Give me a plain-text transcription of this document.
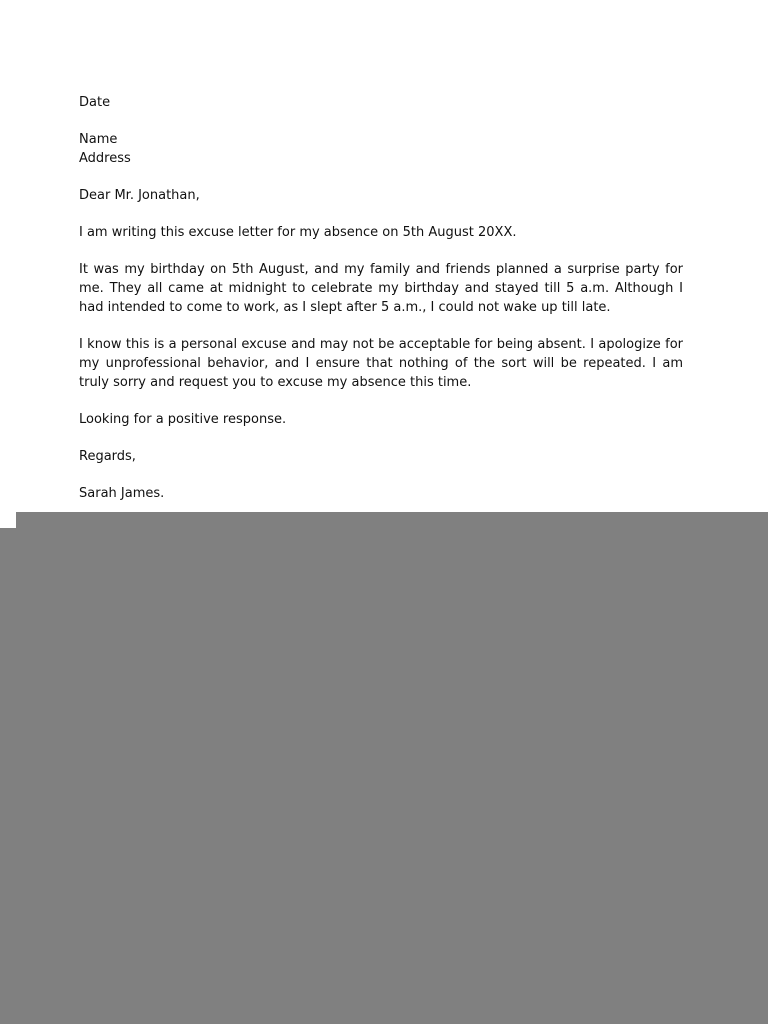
Date
Name
Address
Dear Mr. Jonathan,

I am writing this excuse letter for my absence on 5th August 20XX.

It was my birthday on 5th August, and my family and friends planned a surprise party for me. They all came at midnight to celebrate my birthday and stayed till 5 a.m. Although I had intended to come to work, as I slept after 5 a.m., I could not wake up till late.

I know this is a personal excuse and may not be acceptable for being absent. I apologize for my unprofessional behavior, and I ensure that nothing of the sort will be repeated. I am truly sorry and request you to excuse my absence this time.

Looking for a positive response.
Regards,
Sarah James.
